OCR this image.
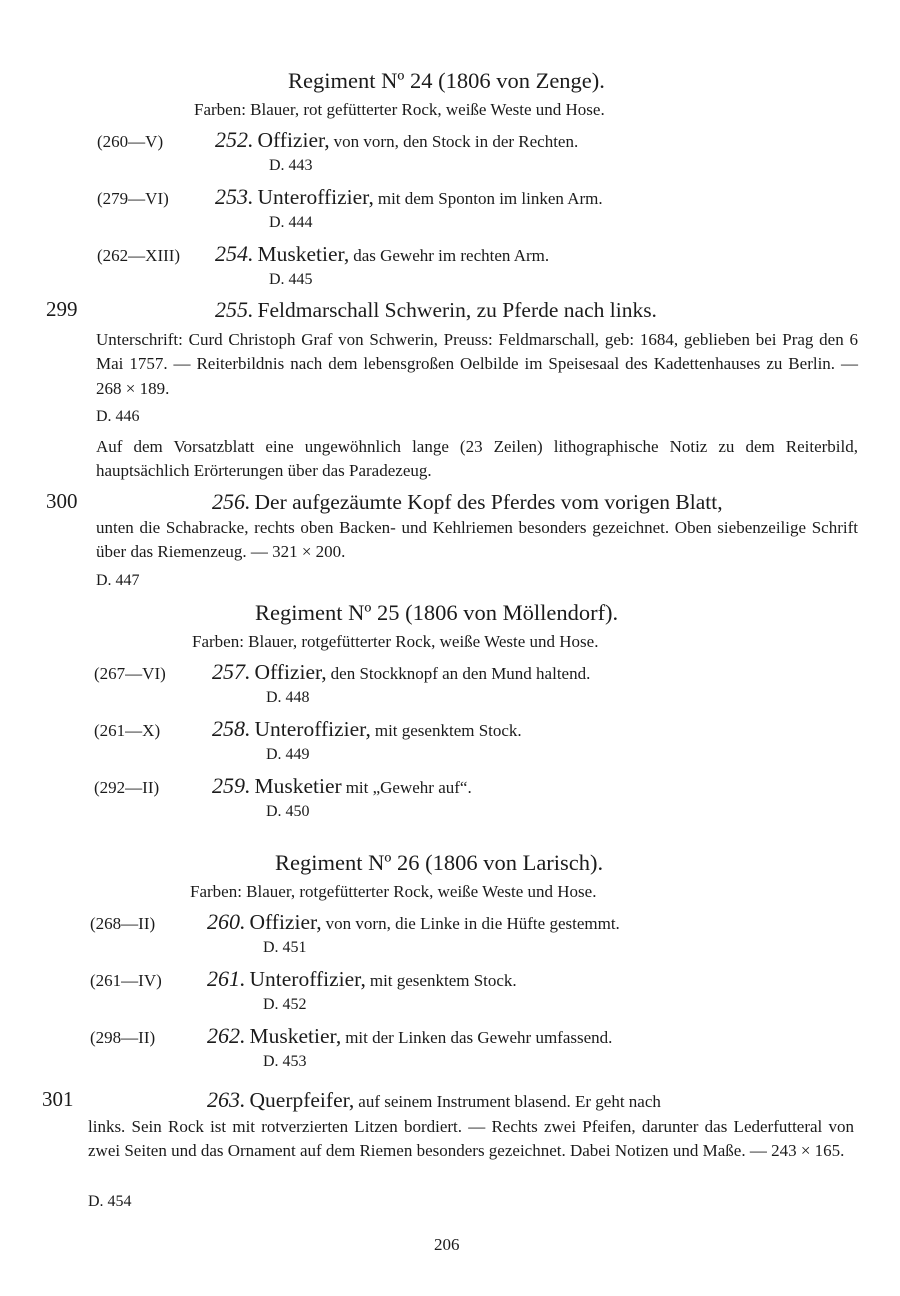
Regiment Nº 24 (1806 von Zenge).
Farben: Blauer, rot gefütterter Rock, weiße Weste und Hose.
(260—V) 252. Offizier, von vorn, den Stock in der Rechten.
D. 443
(279—VI) 253. Unteroffizier, mit dem Sponton im linken Arm.
D. 444
(262—XIII) 254. Musketier, das Gewehr im rechten Arm.
D. 445
299	255. Feldmarschall Schwerin, zu Pferde nach links.
Unterschrift: Curd Christoph Graf von Schwerin, Preuss: Feldmarschall, geb: 1684, geblieben bei Prag den 6 Mai 1757. — Reiterbildnis nach dem lebensgroßen Oelbilde im Speisesaal des Kadettenhauses zu Berlin. — 268 × 189.
D. 446
Auf dem Vorsatzblatt eine ungewöhnlich lange (23 Zeilen) lithographische Notiz zu dem Reiterbild, hauptsächlich Erörterungen über das Paradezeug.
300	256. Der aufgezäumte Kopf des Pferdes vom vorigen Blatt,
unten die Schabracke, rechts oben Backen- und Kehlriemen besonders gezeichnet. Oben siebenzeilige Schrift über das Riemenzeug. — 321 × 200.
D. 447
Regiment Nº 25 (1806 von Möllendorf).
Farben: Blauer, rotgefütterter Rock, weiße Weste und Hose.
(267—VI) 257. Offizier, den Stockknopf an den Mund haltend.
D. 448
(261—X) 258. Unteroffizier, mit gesenktem Stock.
D. 449
(292—II) 259. Musketier mit „Gewehr auf“.
D. 450
Regiment Nº 26 (1806 von Larisch).
Farben: Blauer, rotgefütterter Rock, weiße Weste und Hose.
(268—II) 260. Offizier, von vorn, die Linke in die Hüfte gestemmt.
D. 451
(261—IV) 261. Unteroffizier, mit gesenktem Stock.
D. 452
(298—II) 262. Musketier, mit der Linken das Gewehr umfassend.
D. 453
301	263. Querpfeifer, auf seinem Instrument blasend. Er geht nach
links. Sein Rock ist mit rotverzierten Litzen bordiert. — Rechts zwei Pfeifen, darunter das Lederfutteral von zwei Seiten und das Ornament auf dem Riemen besonders gezeichnet. Dabei Notizen und Maße. — 243 × 165.
D. 454
206
